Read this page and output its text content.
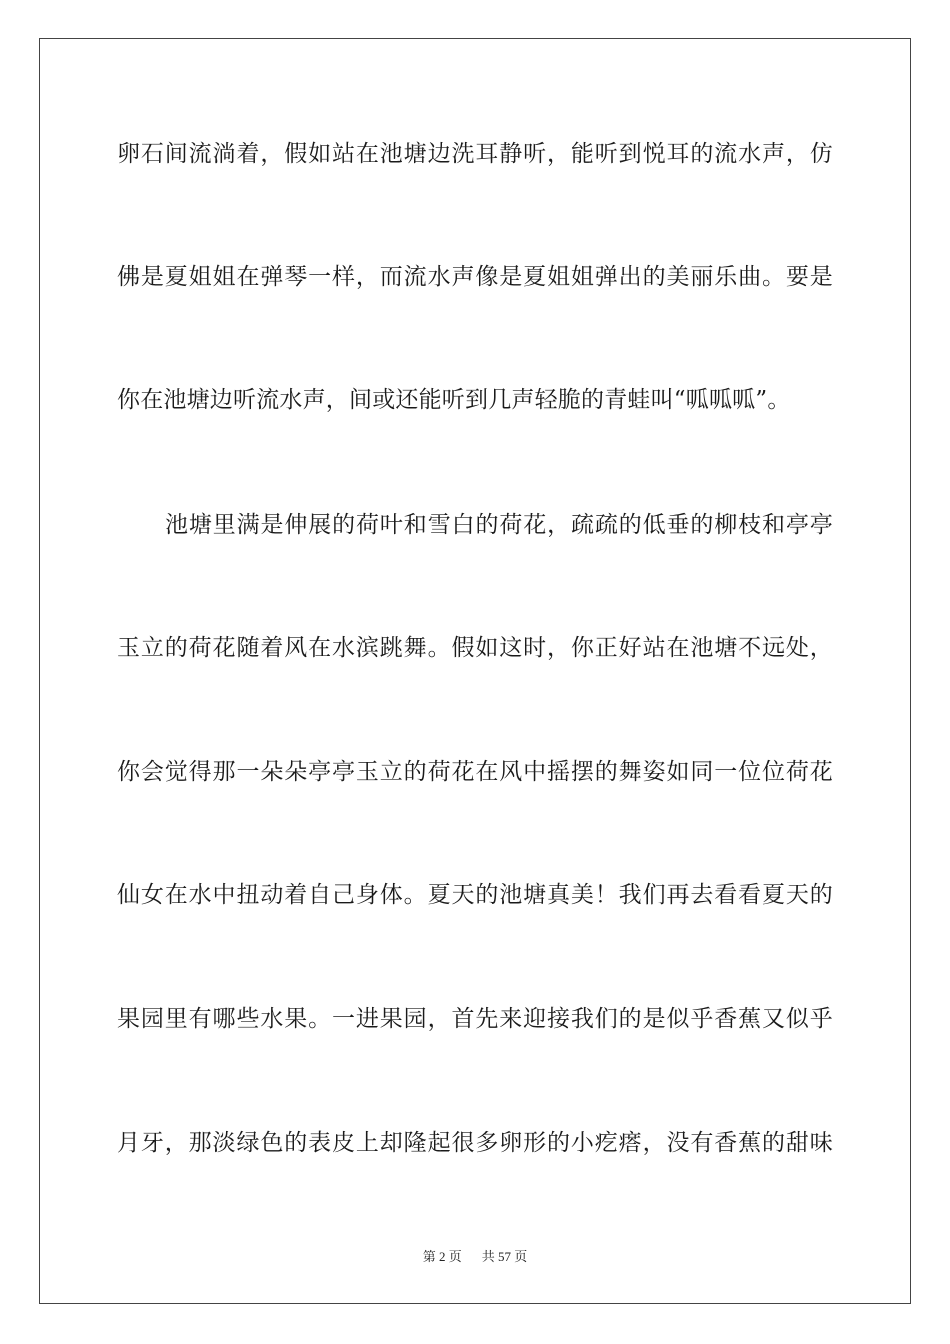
卵石间流淌着，假如站在池塘边洗耳静听，能听到悦耳的流水声，仿
佛是夏姐姐在弹琴一样，而流水声像是夏姐姐弹出的美丽乐曲。要是
你在池塘边听流水声，间或还能听到几声轻脆的青蛙叫“呱呱呱”。
池塘里满是伸展的荷叶和雪白的荷花，疏疏的低垂的柳枝和亭亭
玉立的荷花随着风在水滨跳舞。假如这时，你正好站在池塘不远处，
你会觉得那一朵朵亭亭玉立的荷花在风中摇摆的舞姿如同一位位荷花
仙女在水中扭动着自己身体。夏天的池塘真美！我们再去看看夏天的
果园里有哪些水果。一进果园，首先来迎接我们的是似乎香蕉又似乎
月牙，那淡绿色的表皮上却隆起很多卵形的小疙瘩，没有香蕉的甜味
第 2 页 共 57 页
